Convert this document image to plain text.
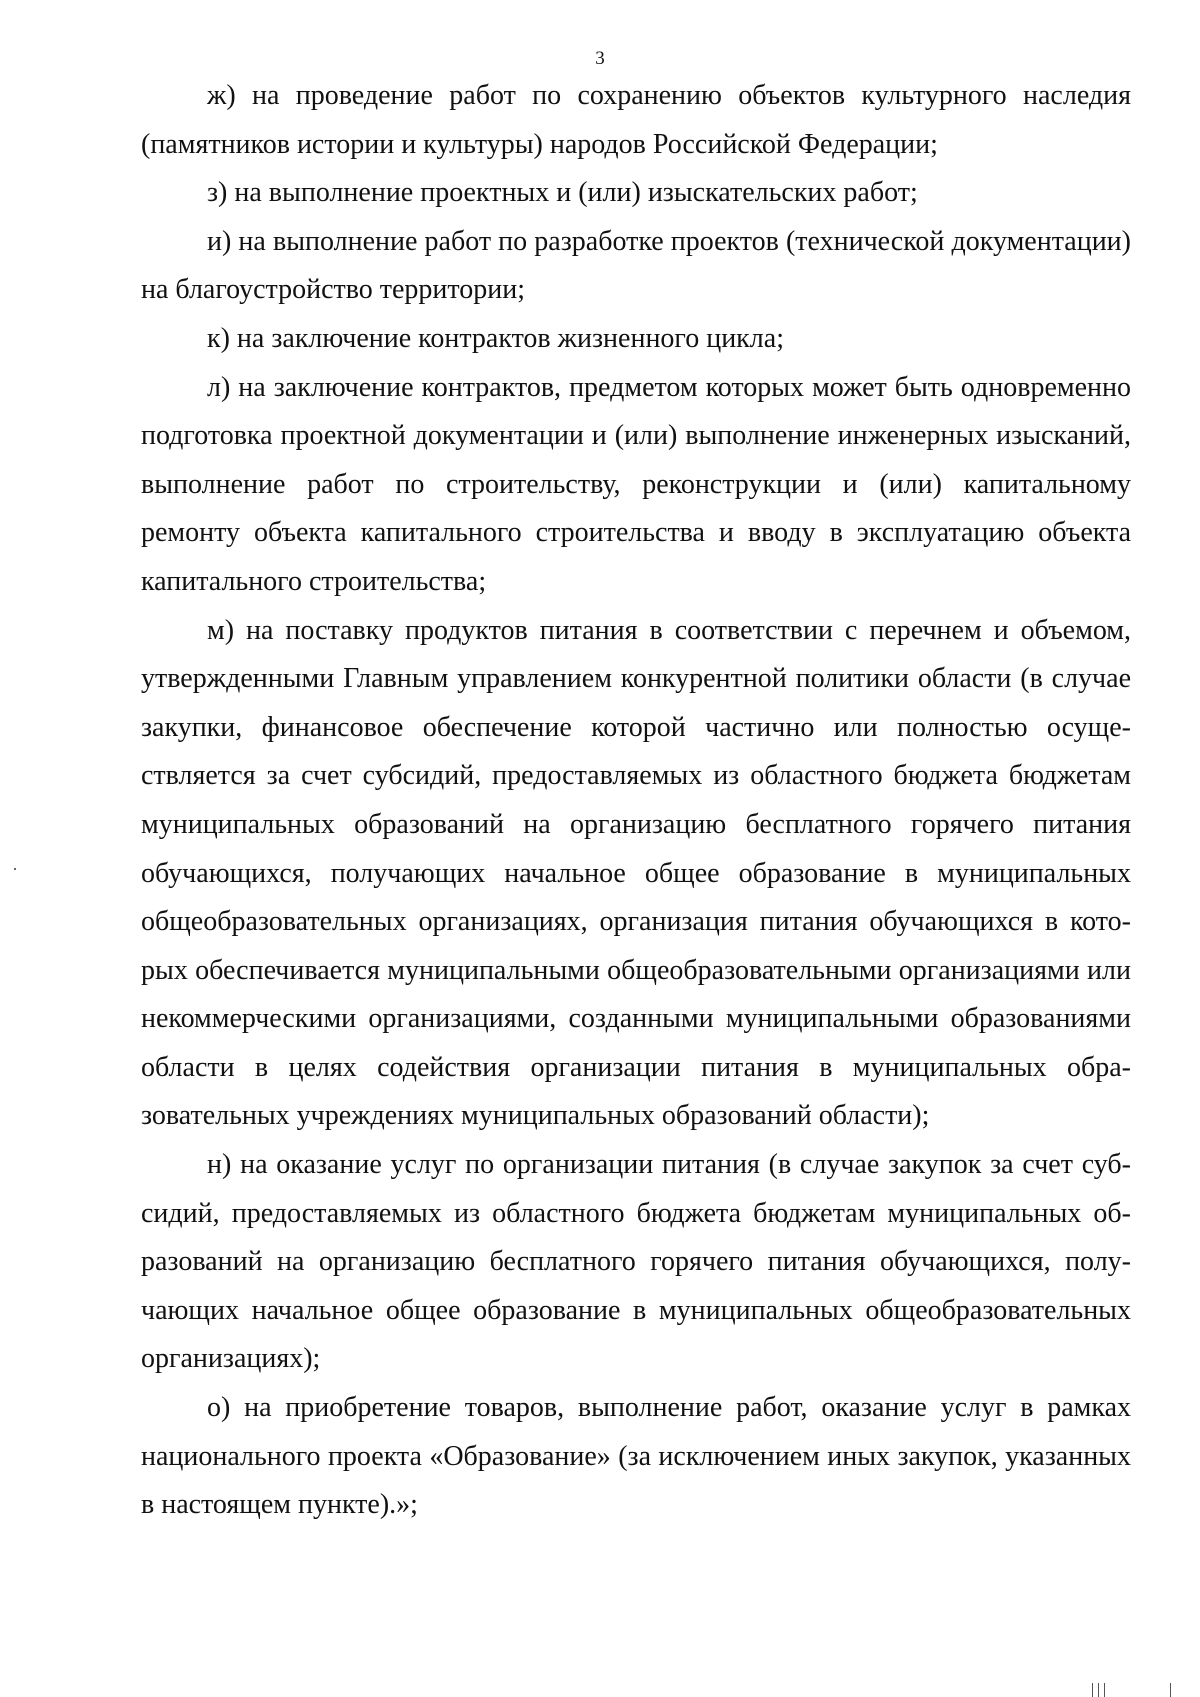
3

ж) на проведение работ по сохранению объектов культурного наследия (памятников истории и культуры) народов Российской Федерации;

з) на выполнение проектных и (или) изыскательских работ;

и) на выполнение работ по разработке проектов (технической документации) на благоустройство территории;

к) на заключение контрактов жизненного цикла;

л) на заключение контрактов, предметом которых может быть одновременно подготовка проектной документации и (или) выполнение инженерных изысканий, выполнение работ по строительству, реконструкции и (или) капитальному ремонту объекта капитального строительства и вводу в эксплуатацию объекта капитального строительства;

м) на поставку продуктов питания в соответствии с перечнем и объемом, утвержденными Главным управлением конкурентной политики области (в случае закупки, финансовое обеспечение которой частично или полностью осуществляется за счет субсидий, предоставляемых из областного бюджета бюджетам муниципальных образований на организацию бесплатного горячего питания обучающихся, получающих начальное общее образование в муниципальных общеобразовательных организациях, организация питания обучающихся в которых обеспечивается муниципальными общеобразовательными организациями или некоммерческими организациями, созданными муниципальными образованиями области в целях содействия организации питания в муниципальных образовательных учреждениях муниципальных образований области);

н) на оказание услуг по организации питания (в случае закупок за счет субсидий, предоставляемых из областного бюджета бюджетам муниципальных образований на организацию бесплатного горячего питания обучающихся, получающих начальное общее образование в муниципальных общеобразовательных организациях);

о) на приобретение товаров, выполнение работ, оказание услуг в рамках национального проекта «Образование» (за исключением иных закупок, указанных в настоящем пункте).»;
